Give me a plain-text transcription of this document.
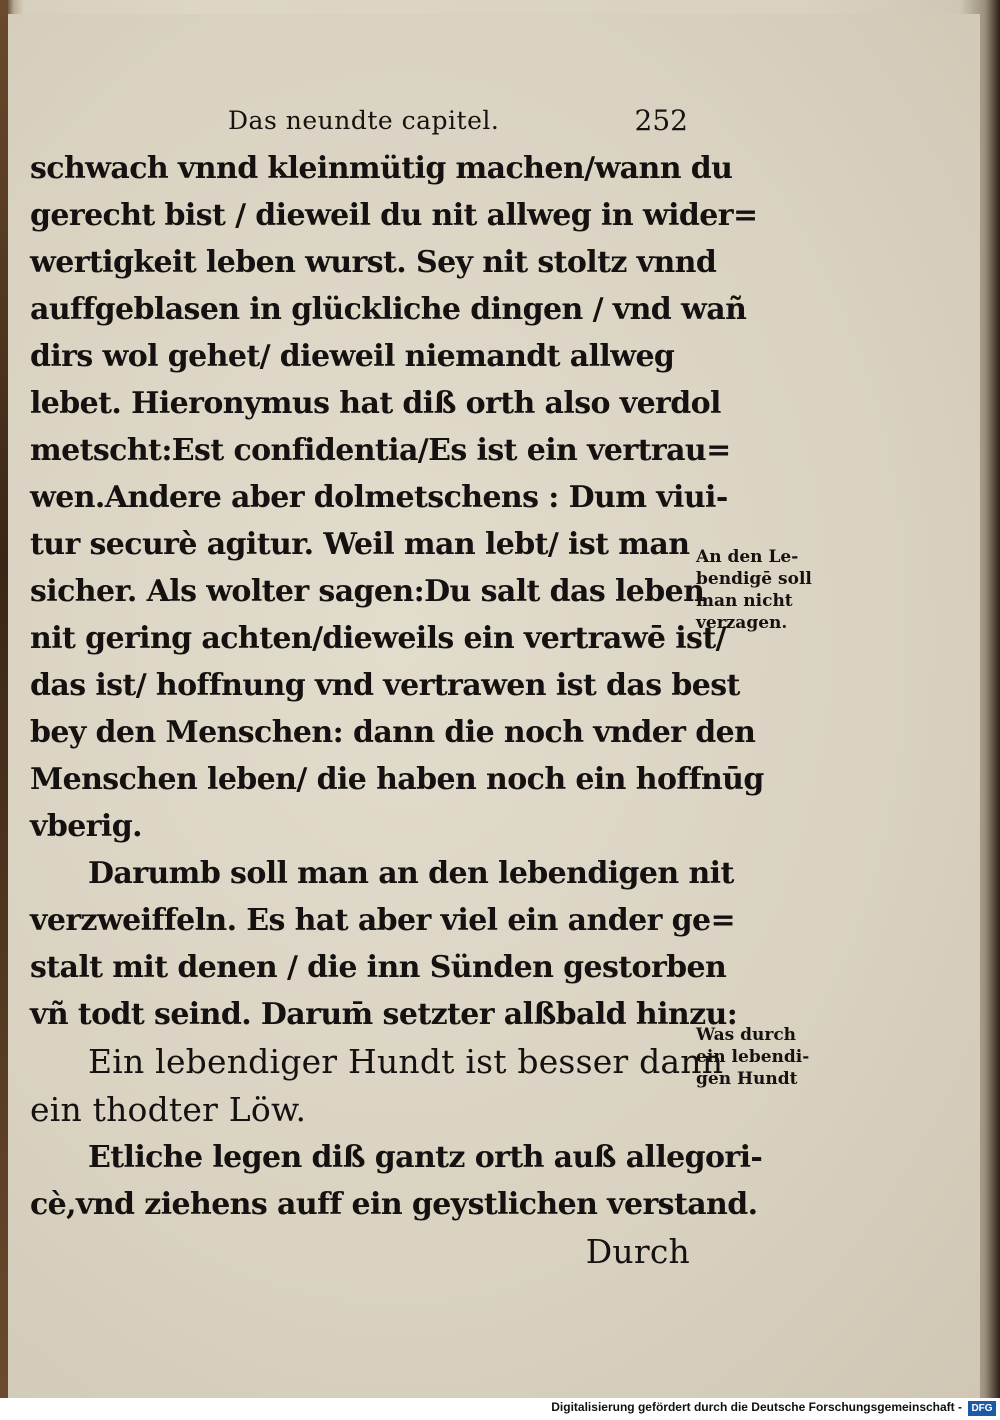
Das neundte capitel.	252
schwach vnnd kleinmütig machen/wann du
gerecht bist / dieweil du nit allweg in wider=
wertigkeit leben wurst. Sey nit stoltz vnnd
auffgeblasen in glückliche dingen / vnd wañ
dirs wol gehet/ dieweil niemandt allweg
lebet. Hieronymus hat diß orth also verdol
metscht:Est confidentia/Es ist ein vertrau=
wen.Andere aber dolmetschens : Dum viui-
tur securè agitur. Weil man lebt/ ist man
sicher. Als wolter sagen:Du salt das leben
nit gering achten/dieweils ein vertrawē ist/
das ist/ hoffnung vnd vertrawen ist das best
bey den Menschen: dann die noch vnder den
Menschen leben/ die haben noch ein hoffnūg
vberig.
Darumb soll man an den lebendigen nit
verzweiffeln. Es hat aber viel ein ander ge=
stalt mit denen / die inn Sünden gestorben
vñ todt seind. Darum̄ setzter alßbald hinzu:
Ein lebendiger Hundt ist besser dann
ein thodter Löw.
Etliche legen diß gantz orth auß allegori-
cè,vnd ziehens auff ein geystlichen verstand.
Durch
An den Le-
bendigē soll
man nicht
verzagen.
Was durch
ein lebendi-
gen Hundt
Digitalisierung gefördert durch die Deutsche Forschungsgemeinschaft - DFG
